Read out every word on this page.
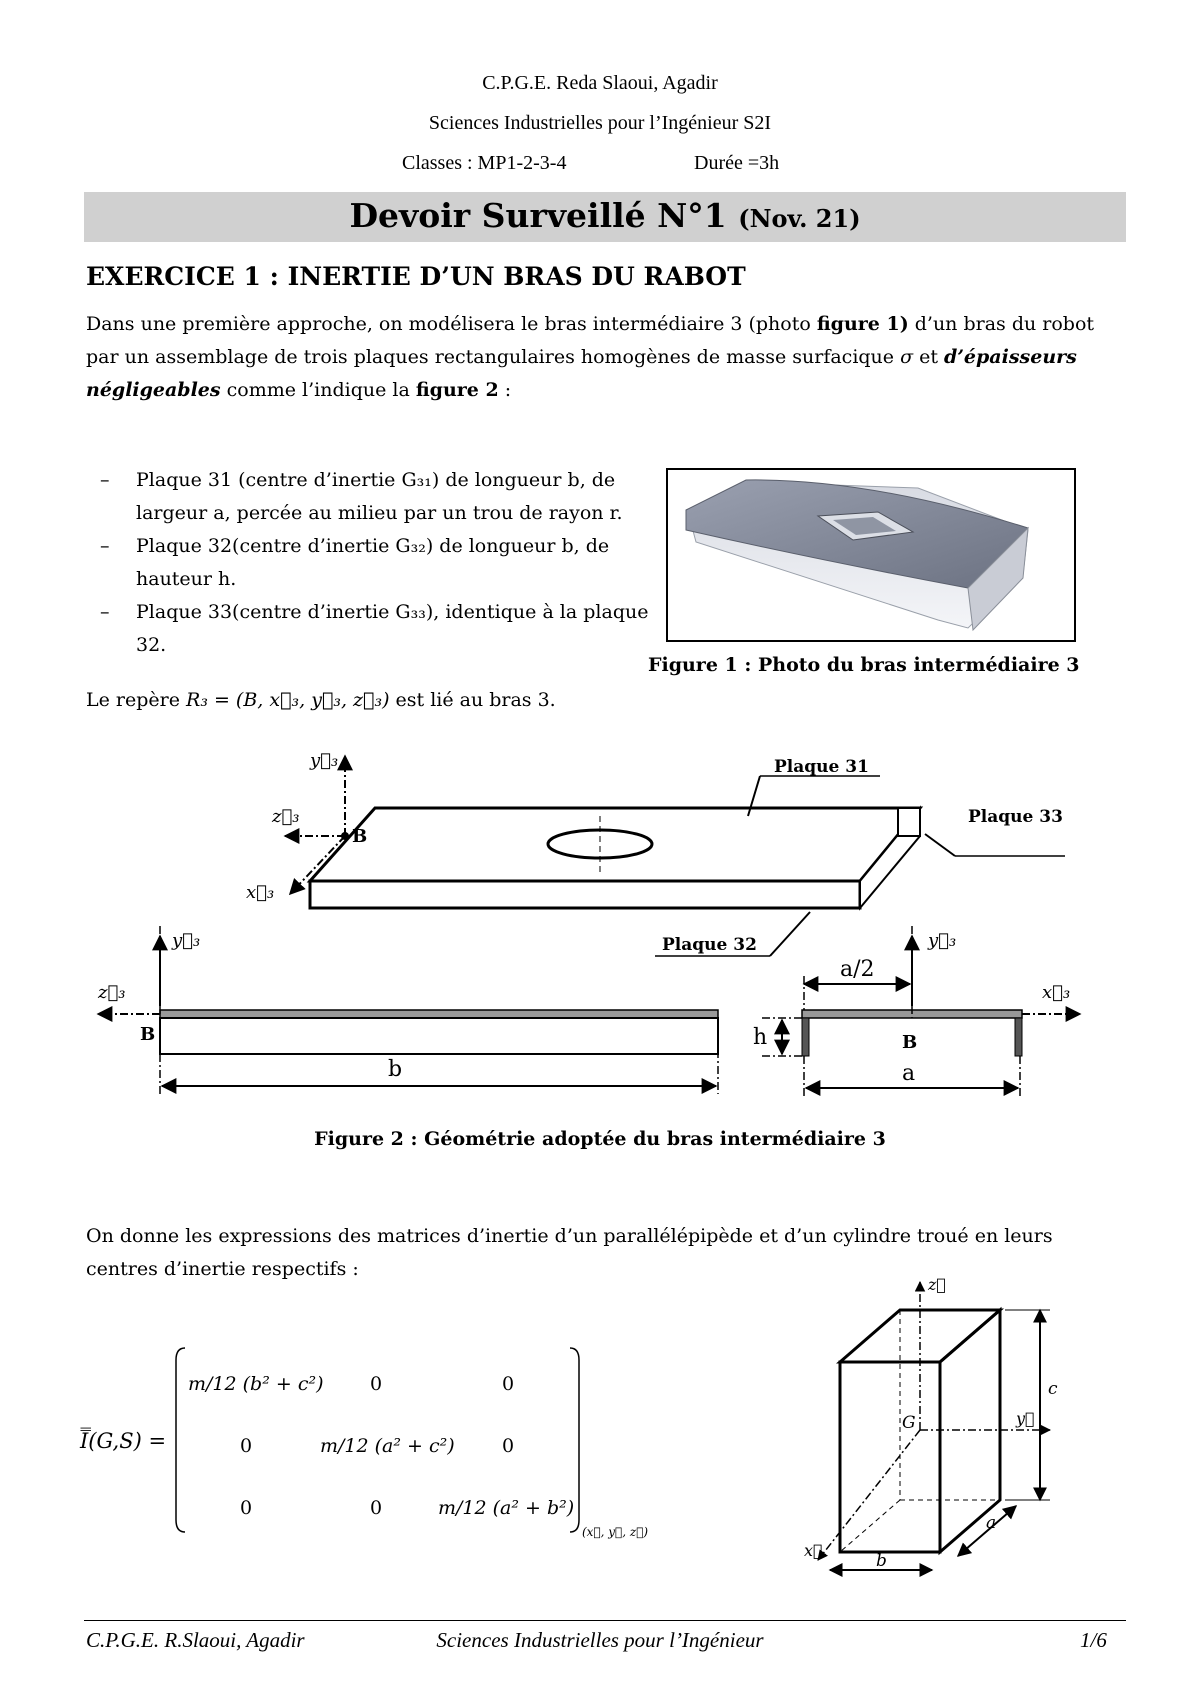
C.P.G.E. Reda Slaoui, Agadir
Sciences Industrielles pour l’Ingénieur S2I
Classes : MP1-2-3-4	Durée =3h
Devoir Surveillé N°1 (Nov. 21)
EXERCICE 1 : INERTIE D’UN BRAS DU RABOT
Dans une première approche, on modélisera le bras intermédiaire 3 (photo figure 1) d’un bras du robot par un assemblage de trois plaques rectangulaires homogènes de masse surfacique σ et d’épaisseurs négligeables comme l’indique la figure 2 :
– Plaque 31 (centre d’inertie G₃₁) de longueur b, de largeur a, percée au milieu par un trou de rayon r.
– Plaque 32(centre d’inertie G₃₂) de longueur b, de hauteur h.
– Plaque 33(centre d’inertie G₃₃), identique à la plaque 32.
Figure 1 : Photo du bras intermédiaire 3
Le repère R₃ = (B, x⃗₃, y⃗₃, z⃗₃) est lié au bras 3.
y⃗₃
z⃗₃
x⃗₃
B
Plaque 31
Plaque 33
Plaque 32
y⃗₃
z⃗₃
B
b
y⃗₃
x⃗₃
a/2
B
a
h
Figure 2 : Géométrie adoptée du bras intermédiaire 3
On donne les expressions des matrices d’inertie d’un parallélépipède et d’un cylindre troué en leurs centres d’inertie respectifs :
I̿(G,S) =
m/12 (b² + c²) 0	0
0	m/12 (a² + c²) 0
0	0	m/12 (a² + b²)
(x⃗, y⃗, z⃗)
z⃗
y⃗
x⃗
G
c
a
b
C.P.G.E. R.Slaoui, Agadir	Sciences Industrielles pour l’Ingénieur	1/6
